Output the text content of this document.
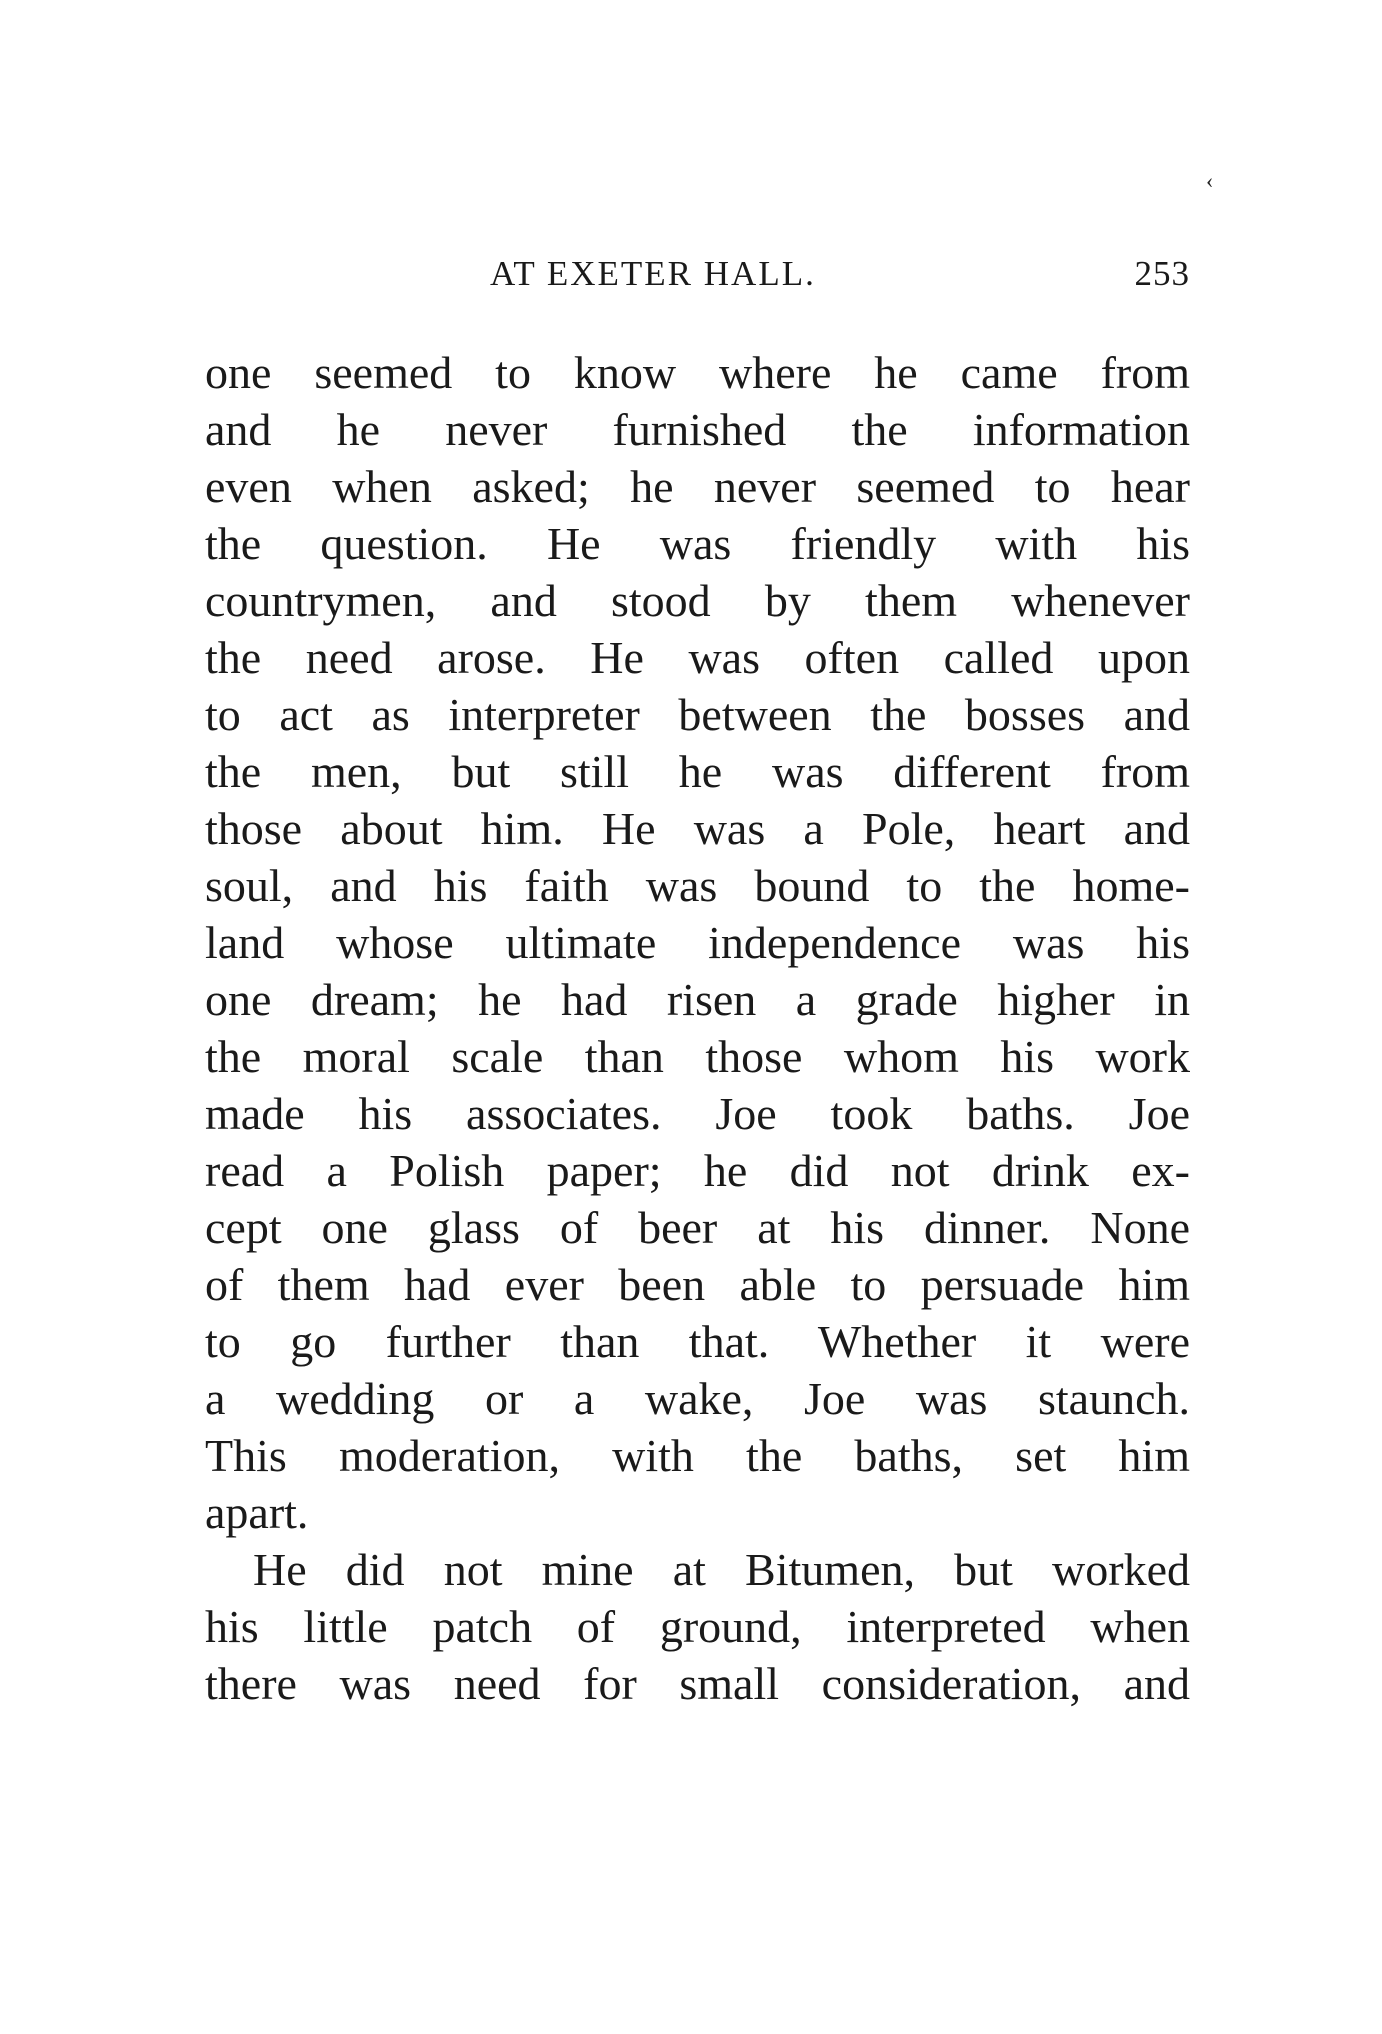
‹
AT EXETER HALL.	253
one seemed to know where he came from
and he never furnished the information
even when asked; he never seemed to hear
the question. He was friendly with his
countrymen, and stood by them whenever
the need arose. He was often called upon
to act as interpreter between the bosses and
the men, but still he was different from
those about him. He was a Pole, heart and
soul, and his faith was bound to the home-
land whose ultimate independence was his
one dream; he had risen a grade higher in
the moral scale than those whom his work
made his associates. Joe took baths. Joe
read a Polish paper; he did not drink ex-
cept one glass of beer at his dinner. None
of them had ever been able to persuade him
to go further than that. Whether it were
a wedding or a wake, Joe was staunch.
This moderation, with the baths, set him
apart.
He did not mine at Bitumen, but worked
his little patch of ground, interpreted when
there was need for small consideration, and
